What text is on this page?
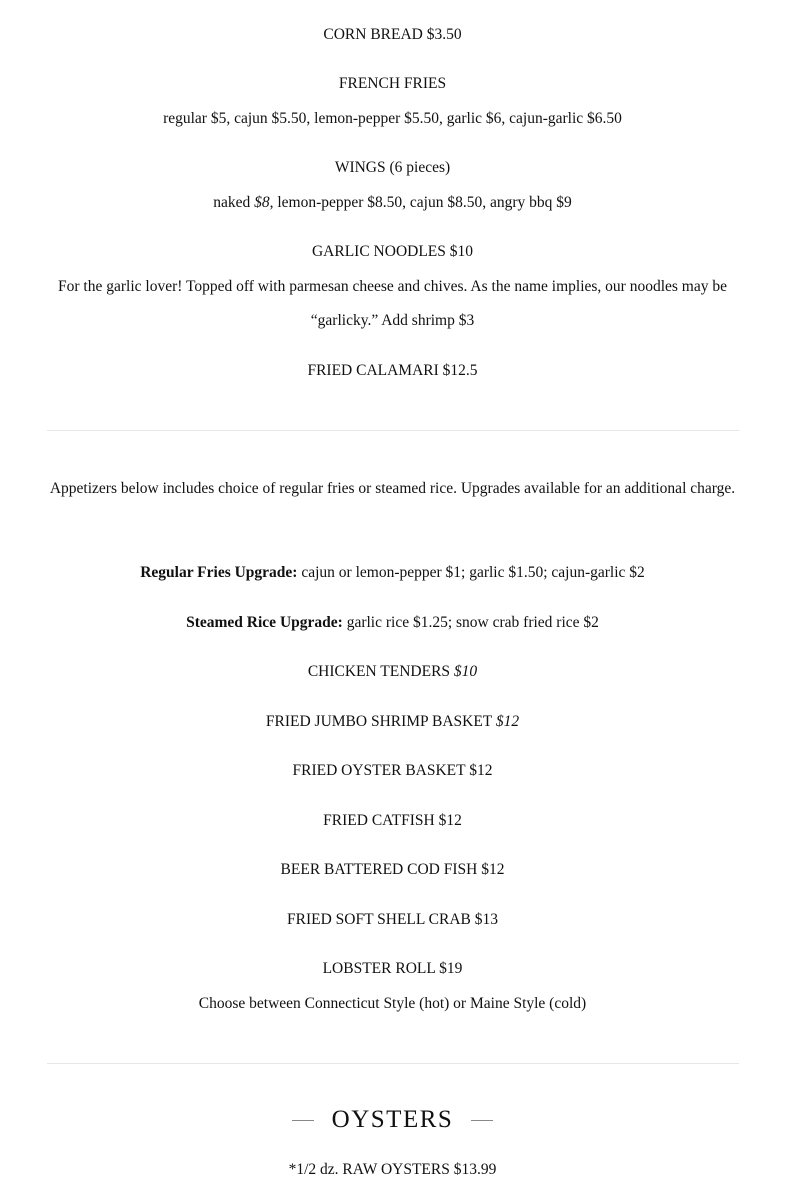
CORN BREAD $3.50
FRENCH FRIES
regular $5, cajun $5.50, lemon-pepper $5.50, garlic $6, cajun-garlic $6.50
WINGS (6 pieces)
naked $8, lemon-pepper $8.50, cajun $8.50, angry bbq $9
GARLIC NOODLES $10
For the garlic lover! Topped off with parmesan cheese and chives. As the name implies, our noodles may be “garlicky.” Add shrimp $3
FRIED CALAMARI $12.5
Appetizers below includes choice of regular fries or steamed rice. Upgrades available for an additional charge.
Regular Fries Upgrade: cajun or lemon-pepper $1; garlic $1.50; cajun-garlic $2
Steamed Rice Upgrade: garlic rice $1.25; snow crab fried rice $2
CHICKEN TENDERS $10
FRIED JUMBO SHRIMP BASKET $12
FRIED OYSTER BASKET $12
FRIED CATFISH $12
BEER BATTERED COD FISH $12
FRIED SOFT SHELL CRAB $13
LOBSTER ROLL $19
Choose between Connecticut Style (hot) or Maine Style (cold)
OYSTERS
*1/2 dz. RAW OYSTERS $13.99
